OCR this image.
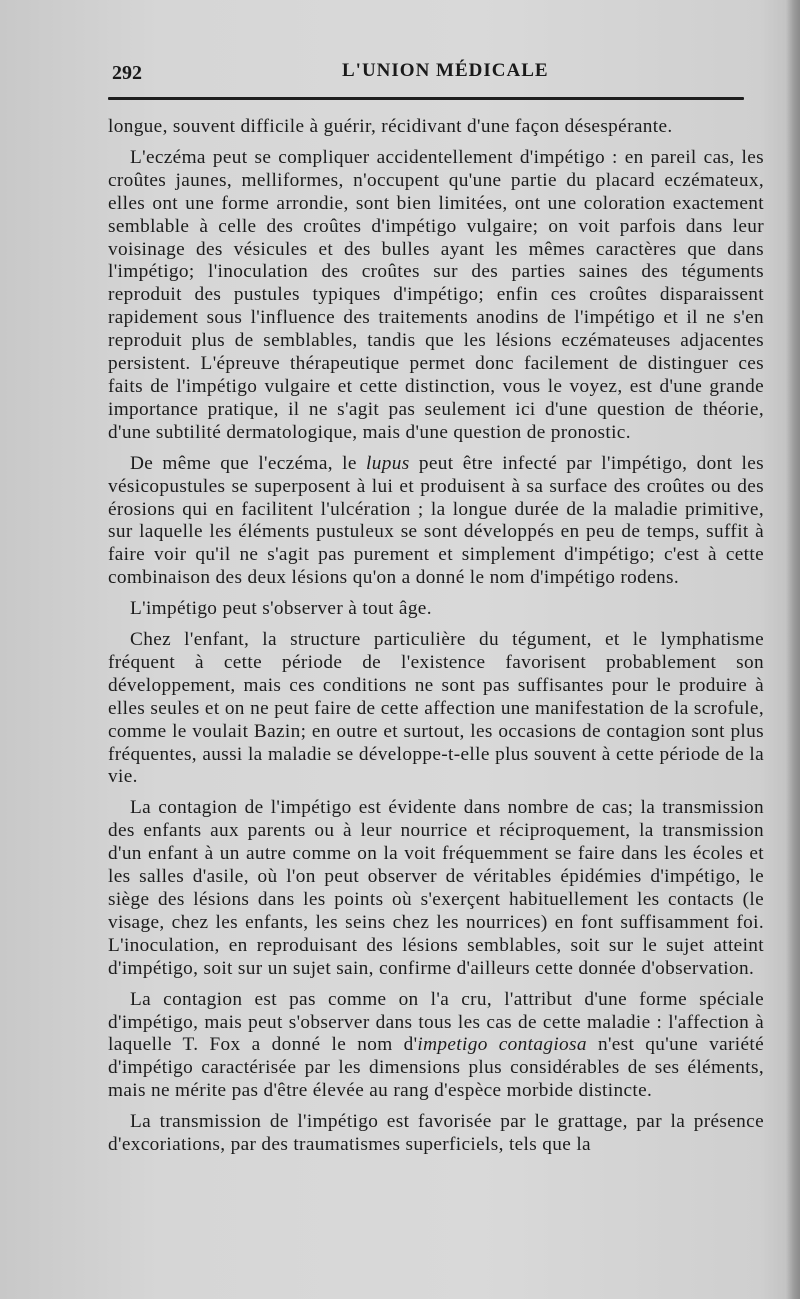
292	L'UNION MÉDICALE

longue, souvent difficile à guérir, récidivant d'une façon désespérante.

L'eczéma peut se compliquer accidentellement d'impétigo : en pareil cas, les croûtes jaunes, melliformes, n'occupent qu'une partie du placard eczémateux, elles ont une forme arrondie, sont bien limitées, ont une coloration exactement semblable à celle des croûtes d'impétigo vulgaire; on voit parfois dans leur voisinage des vésicules et des bulles ayant les mêmes caractères que dans l'impétigo; l'inoculation des croûtes sur des parties saines des téguments reproduit des pustules typiques d'impétigo; enfin ces croûtes disparaissent rapidement sous l'influence des traitements anodins de l'impétigo et il ne s'en reproduit plus de semblables, tandis que les lésions eczémateuses adjacentes persistent. L'épreuve thérapeutique permet donc facilement de distinguer ces faits de l'impétigo vulgaire et cette distinction, vous le voyez, est d'une grande importance pratique, il ne s'agit pas seulement ici d'une question de théorie, d'une subtilité dermatologique, mais d'une question de pronostic.

De même que l'eczéma, le lupus peut être infecté par l'impétigo, dont les vésicopustules se superposent à lui et produisent à sa surface des croûtes ou des érosions qui en facilitent l'ulcération ; la longue durée de la maladie primitive, sur laquelle les éléments pustuleux se sont développés en peu de temps, suffit à faire voir qu'il ne s'agit pas purement et simplement d'impétigo; c'est à cette combinaison des deux lésions qu'on a donné le nom d'impétigo rodens.

L'impétigo peut s'observer à tout âge.

Chez l'enfant, la structure particulière du tégument, et le lymphatisme fréquent à cette période de l'existence favorisent probablement son développement, mais ces conditions ne sont pas suffisantes pour le produire à elles seules et on ne peut faire de cette affection une manifestation de la scrofule, comme le voulait Bazin; en outre et surtout, les occasions de contagion sont plus fréquentes, aussi la maladie se développe-t-elle plus souvent à cette période de la vie.

La contagion de l'impétigo est évidente dans nombre de cas; la transmission des enfants aux parents ou à leur nourrice et réciproquement, la transmission d'un enfant à un autre comme on la voit fréquemment se faire dans les écoles et les salles d'asile, où l'on peut observer de véritables épidémies d'impétigo, le siège des lésions dans les points où s'exerçent habituellement les contacts (le visage, chez les enfants, les seins chez les nourrices) en font suffisamment foi. L'inoculation, en reproduisant des lésions semblables, soit sur le sujet atteint d'impétigo, soit sur un sujet sain, confirme d'ailleurs cette donnée d'observation.

La contagion est pas comme on l'a cru, l'attribut d'une forme spéciale d'impétigo, mais peut s'observer dans tous les cas de cette maladie : l'affection à laquelle T. Fox a donné le nom d'impetigo contagiosa n'est qu'une variété d'impétigo caractérisée par les dimensions plus considérables de ses éléments, mais ne mérite pas d'être élevée au rang d'espèce morbide distincte.

La transmission de l'impétigo est favorisée par le grattage, par la présence d'excoriations, par des traumatismes superficiels, tels que la
